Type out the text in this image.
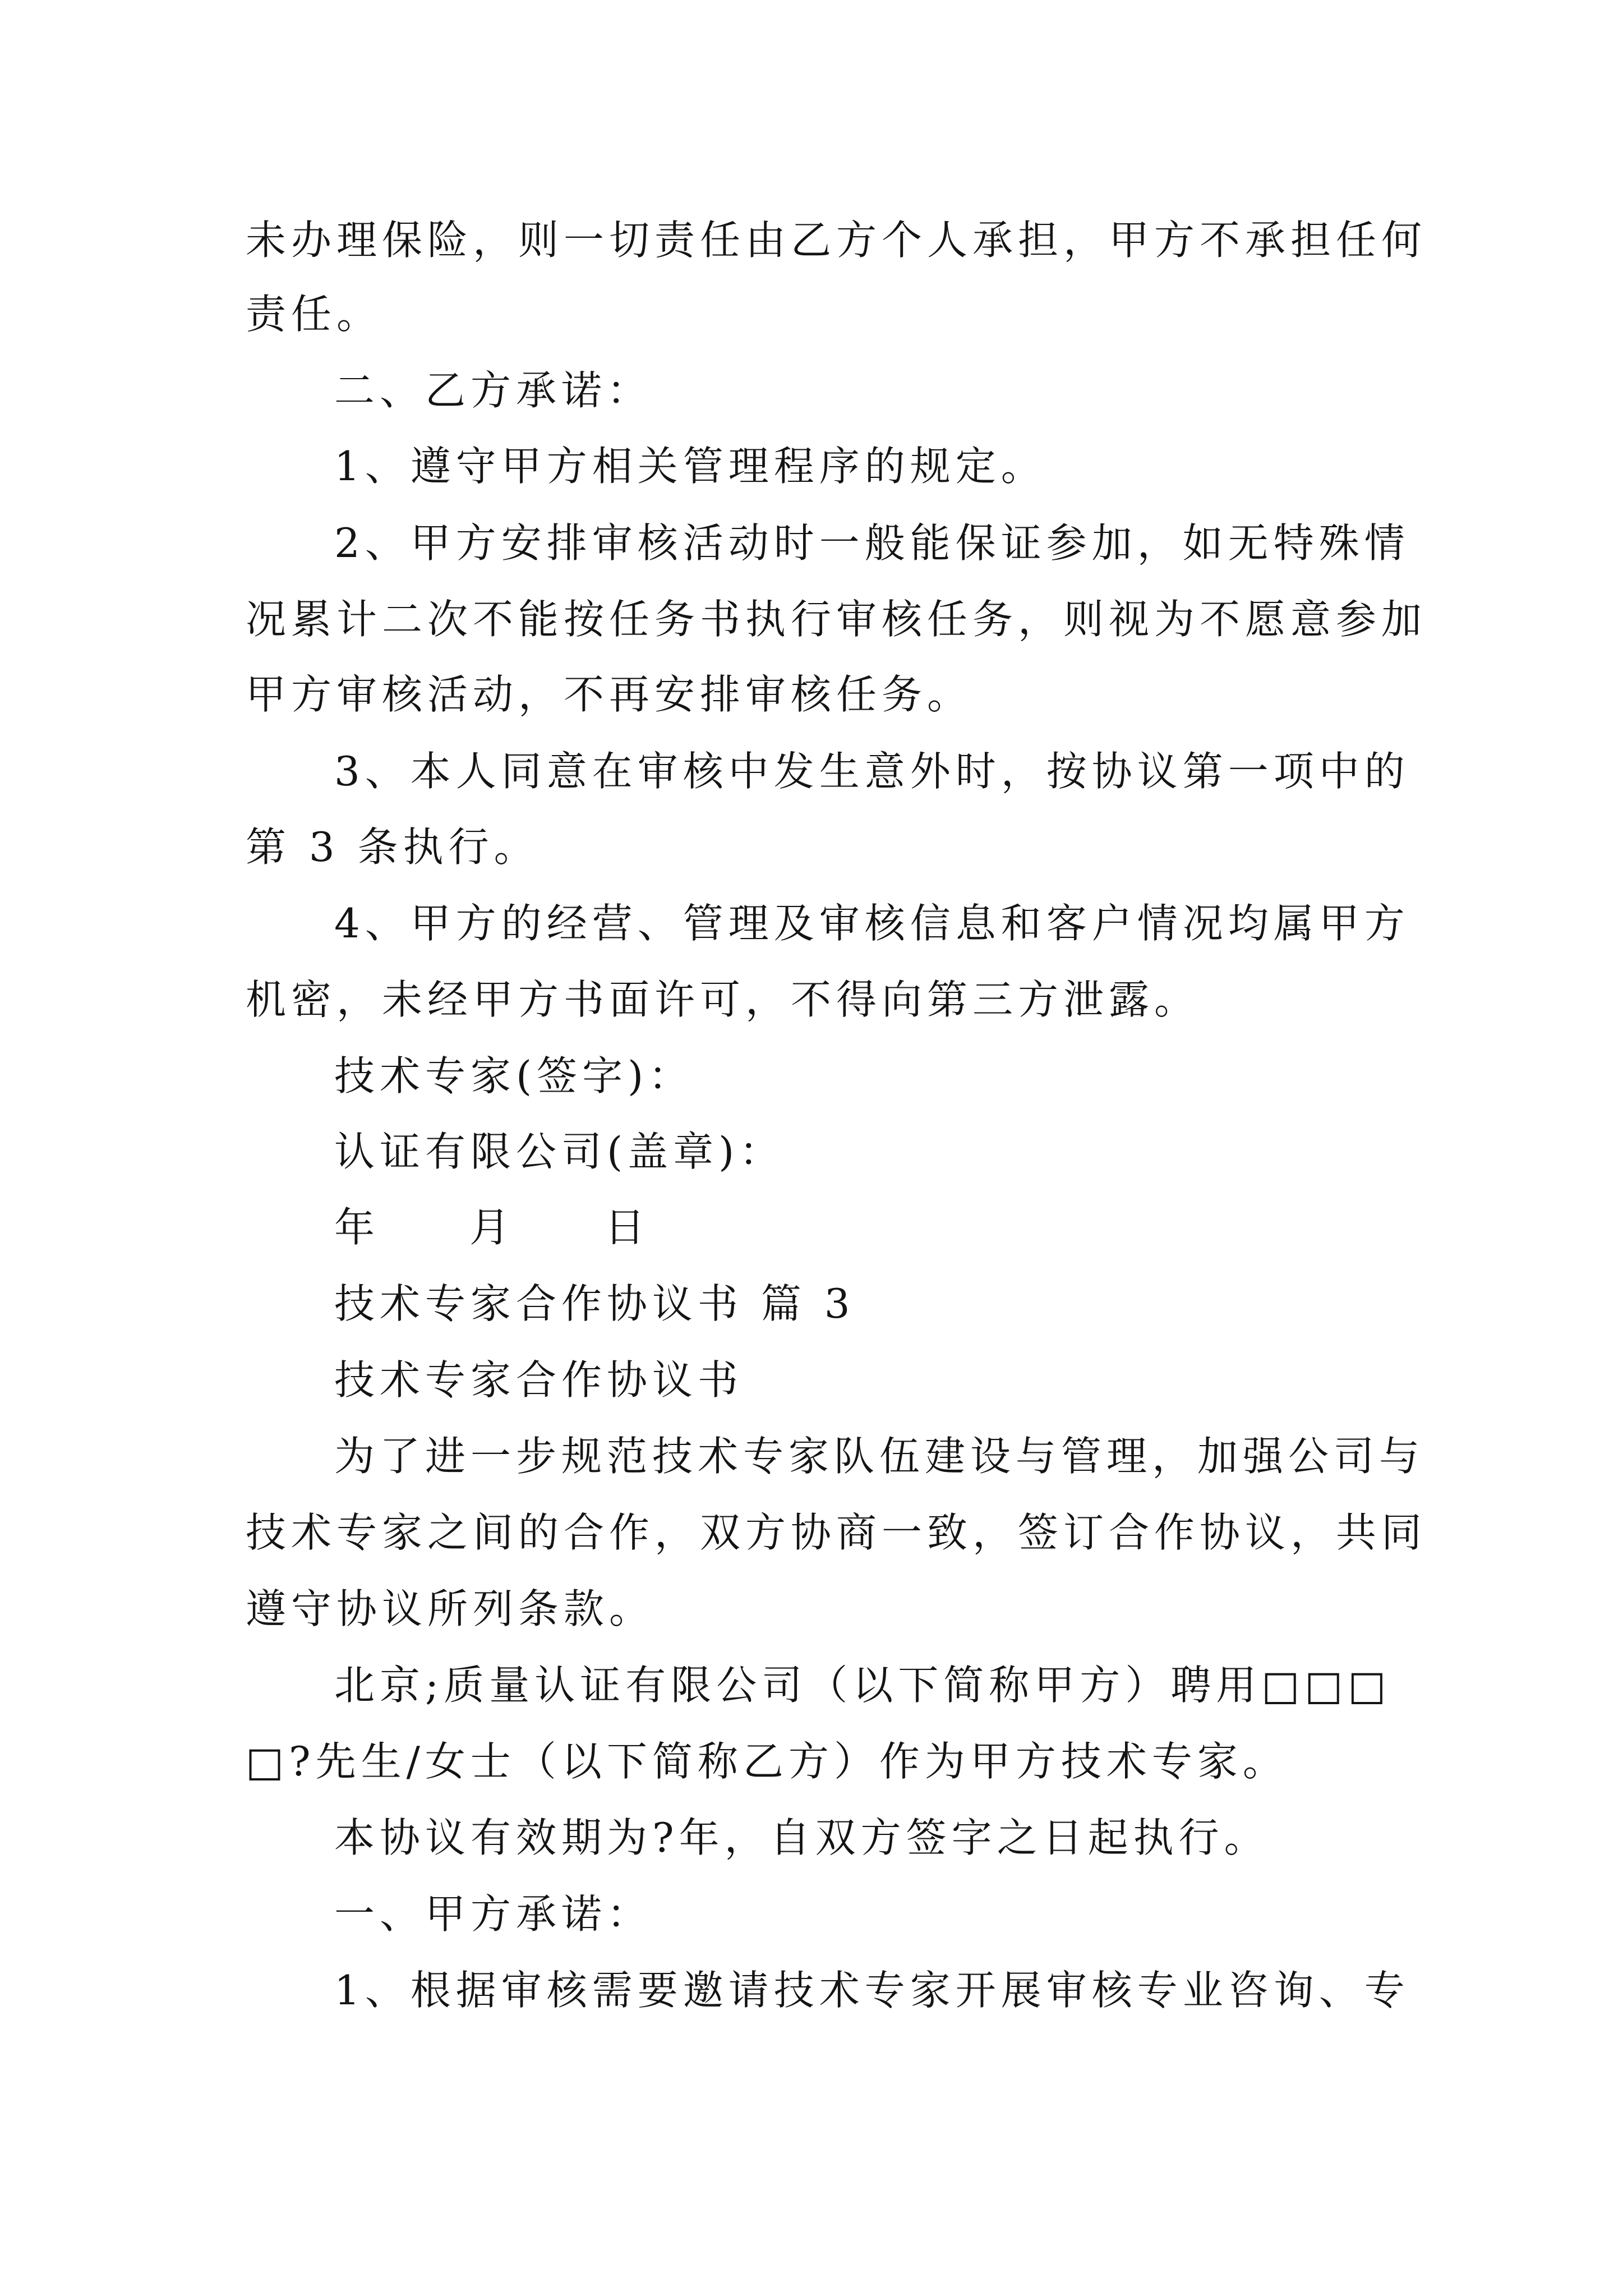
未办理保险，则一切责任由乙方个人承担，甲方不承担任何
责任。
二、乙方承诺：
1、遵守甲方相关管理程序的规定。
2、甲方安排审核活动时一般能保证参加，如无特殊情
况累计二次不能按任务书执行审核任务，则视为不愿意参加
甲方审核活动，不再安排审核任务。
3、本人同意在审核中发生意外时，按协议第一项中的
第 3 条执行。
4、甲方的经营、管理及审核信息和客户情况均属甲方
机密，未经甲方书面许可，不得向第三方泄露。
技术专家(签字)：
认证有限公司(盖章)：
年 月 日
技术专家合作协议书 篇 3
技术专家合作协议书
为了进一步规范技术专家队伍建设与管理，加强公司与
技术专家之间的合作，双方协商一致，签订合作协议，共同
遵守协议所列条款。
北京;质量认证有限公司（以下简称甲方）聘用□□□
□?先生/女士（以下简称乙方）作为甲方技术专家。
本协议有效期为?年，自双方签字之日起执行。
一、甲方承诺：
1、根据审核需要邀请技术专家开展审核专业咨询、专
